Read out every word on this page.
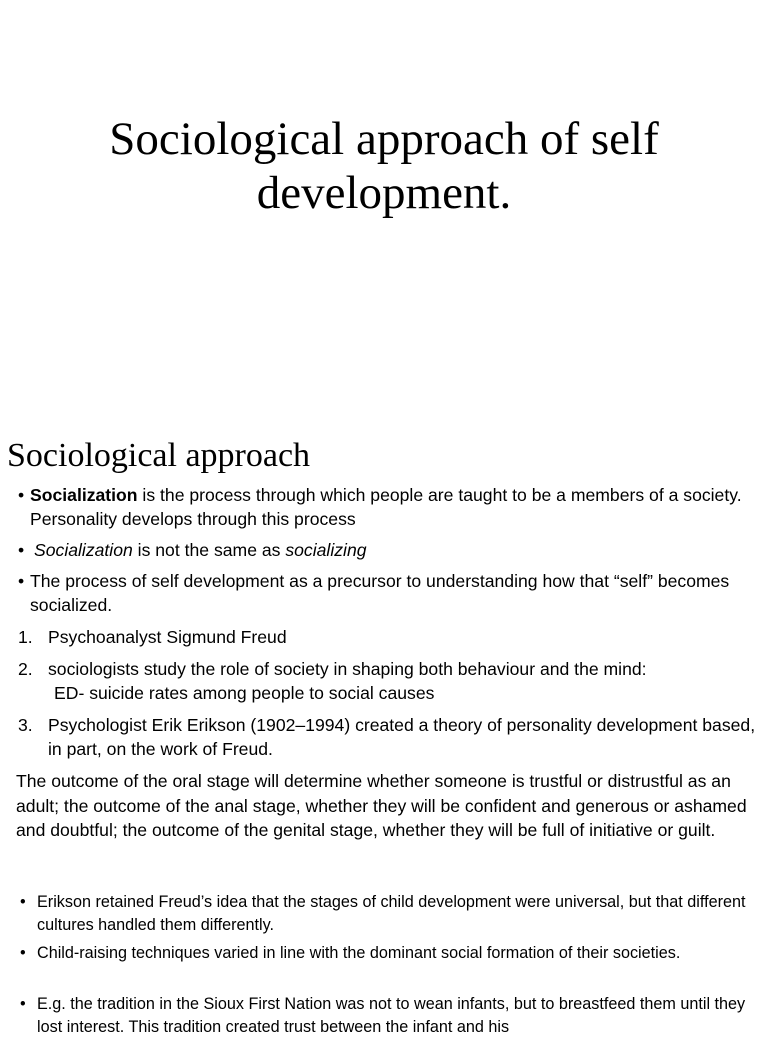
Sociological approach of self development.
Sociological approach

• Socialization is the process through which people are taught to be a members of a society. Personality develops through this process

• Socialization is not the same as socializing

• The process of self development as a precursor to understanding how that “self” becomes socialized.

1. Psychoanalyst Sigmund Freud

2. sociologists study the role of society in shaping both behaviour and the mind:
ED- suicide rates among people to social causes

3. Psychologist Erik Erikson (1902–1994) created a theory of personality development based, in part, on the work of Freud.

The outcome of the oral stage will determine whether someone is trustful or distrustful as an adult; the outcome of the anal stage, whether they will be confident and generous or ashamed and doubtful; the outcome of the genital stage, whether they will be full of initiative or guilt.

• Erikson retained Freud’s idea that the stages of child development were universal, but that different cultures handled them differently.

• Child-raising techniques varied in line with the dominant social formation of their societies.

• E.g. the tradition in the Sioux First Nation was not to wean infants, but to breastfeed them until they lost interest. This tradition created trust between the infant and his
